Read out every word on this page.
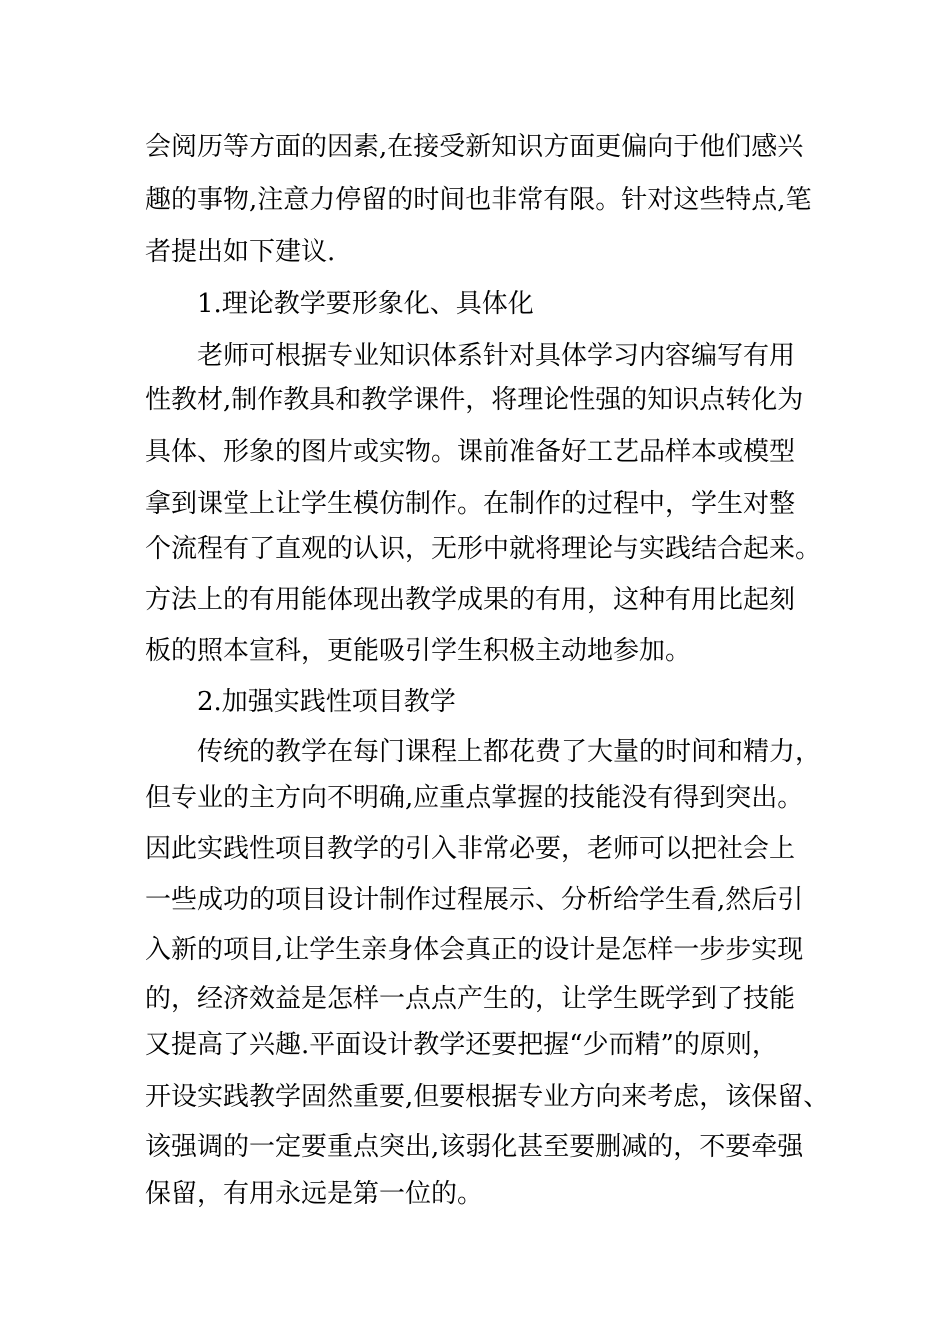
会阅历等方面的因素,在接受新知识方面更偏向于他们感兴
趣的事物,注意力停留的时间也非常有限。针对这些特点,笔
者提出如下建议.
1.理论教学要形象化、具体化
老师可根据专业知识体系针对具体学习内容编写有用
性教材,制作教具和教学课件，将理论性强的知识点转化为
具体、形象的图片或实物。课前准备好工艺品样本或模型
拿到课堂上让学生模仿制作。在制作的过程中，学生对整
个流程有了直观的认识，无形中就将理论与实践结合起来。
方法上的有用能体现出教学成果的有用，这种有用比起刻
板的照本宣科，更能吸引学生积极主动地参加。
2.加强实践性项目教学
传统的教学在每门课程上都花费了大量的时间和精力，
但专业的主方向不明确,应重点掌握的技能没有得到突出。
因此实践性项目教学的引入非常必要，老师可以把社会上
一些成功的项目设计制作过程展示、分析给学生看,然后引
入新的项目,让学生亲身体会真正的设计是怎样一步步实现
的，经济效益是怎样一点点产生的，让学生既学到了技能
又提高了兴趣.平面设计教学还要把握“少而精”的原则，
开设实践教学固然重要,但要根据专业方向来考虑，该保留、
该强调的一定要重点突出,该弱化甚至要删减的，不要牵强
保留，有用永远是第一位的。
